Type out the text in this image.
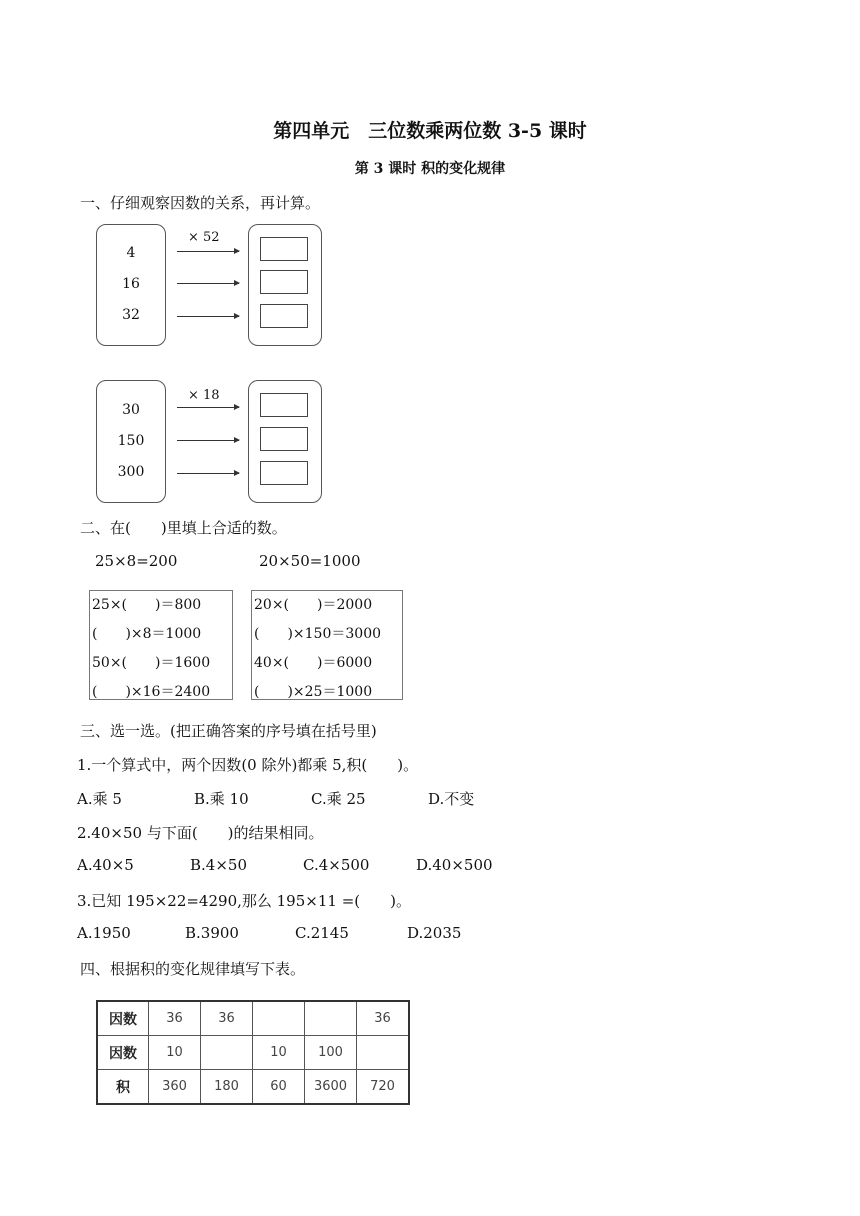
第四单元　三位数乘两位数 3-5 课时
第 3 课时 积的变化规律
一、仔细观察因数的关系，再计算。
4
16
32
× 52
30
150
300
× 18
二、在(　　)里填上合适的数。
25×8=200	20×50=1000
25×(　　)＝800
(　　)×8＝1000
50×(　　)＝1600
(　　)×16＝2400
20×(　　)＝2000
(　　)×150＝3000
40×(　　)＝6000
(　　)×25＝1000
三、选一选。(把正确答案的序号填在括号里)
1.一个算式中，两个因数(0 除外)都乘 5,积(　　)。
A.乘 5	B.乘 10	C.乘 25	D.不变
2.40×50 与下面(　　)的结果相同。
A.40×5	B.4×50	C.4×500	D.40×500
3.已知 195×22=4290,那么 195×11 =(　　)。
A.1950	B.3900	C.2145	D.2035
四、根据积的变化规律填写下表。
因数	36	36			36
因数	10		10	100	
积	360	180	60	3600	720
